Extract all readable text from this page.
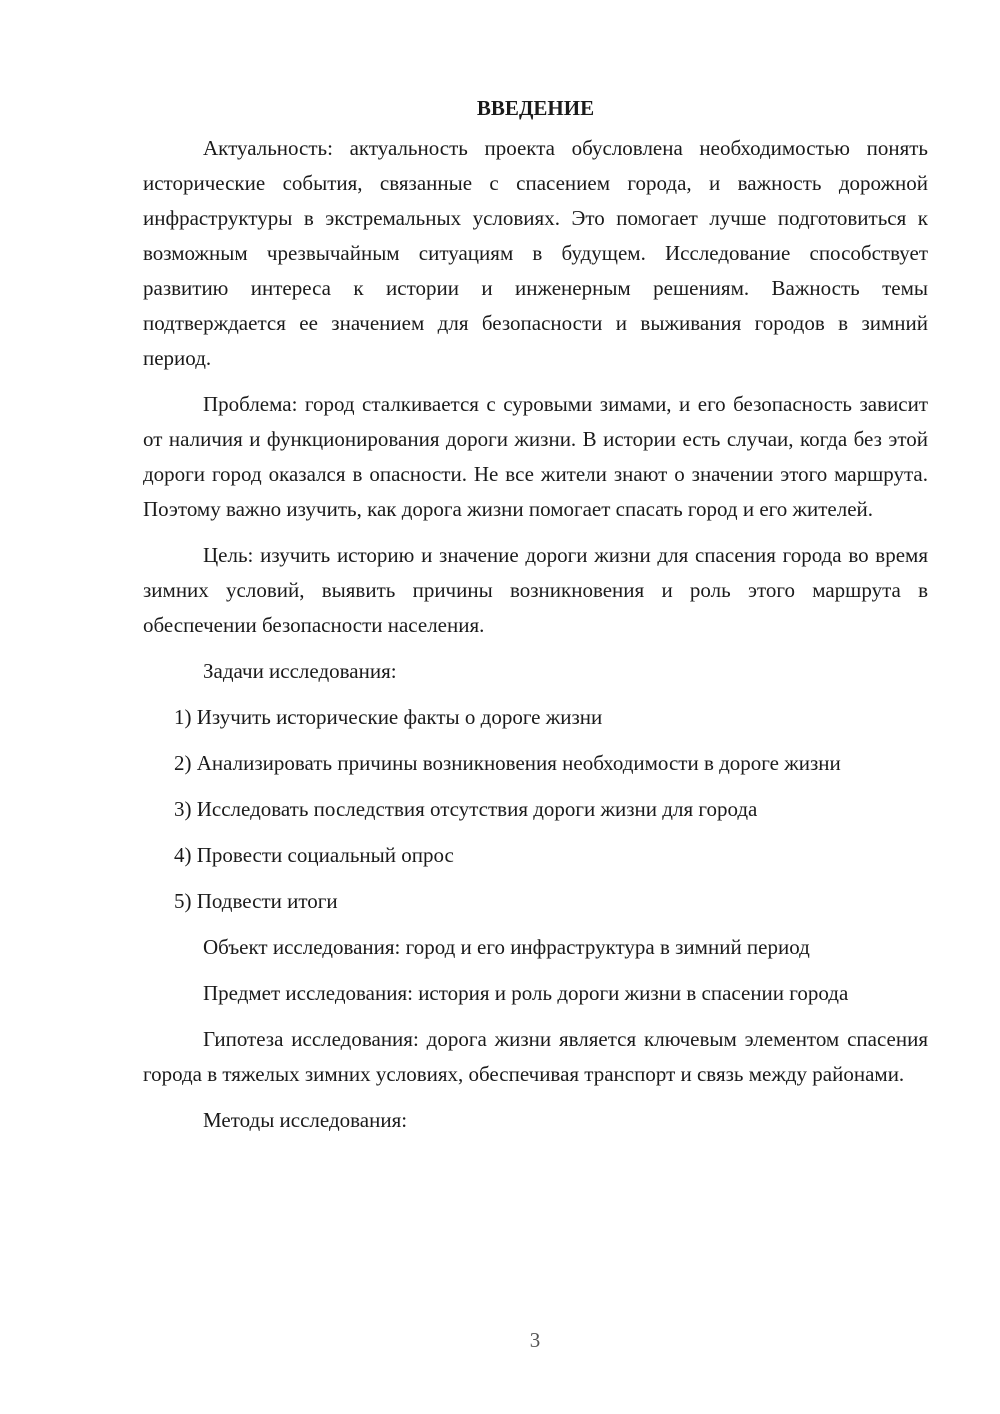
ВВЕДЕНИЕ

Актуальность: актуальность проекта обусловлена необходимостью понять исторические события, связанные с спасением города, и важность дорожной инфраструктуры в экстремальных условиях. Это помогает лучше подготовиться к возможным чрезвычайным ситуациям в будущем. Исследование способствует развитию интереса к истории и инженерным решениям. Важность темы подтверждается ее значением для безопасности и выживания городов в зимний период.

Проблема: город сталкивается с суровыми зимами, и его безопасность зависит от наличия и функционирования дороги жизни. В истории есть случаи, когда без этой дороги город оказался в опасности. Не все жители знают о значении этого маршрута. Поэтому важно изучить, как дорога жизни помогает спасать город и его жителей.

Цель: изучить историю и значение дороги жизни для спасения города во время зимних условий, выявить причины возникновения и роль этого маршрута в обеспечении безопасности населения.

Задачи исследования:

1) Изучить исторические факты о дороге жизни

2) Анализировать причины возникновения необходимости в дороге жизни

3) Исследовать последствия отсутствия дороги жизни для города

4) Провести социальный опрос

5) Подвести итоги

Объект исследования: город и его инфраструктура в зимний период

Предмет исследования: история и роль дороги жизни в спасении города

Гипотеза исследования: дорога жизни является ключевым элементом спасения города в тяжелых зимних условиях, обеспечивая транспорт и связь между районами.

Методы исследования:

3
